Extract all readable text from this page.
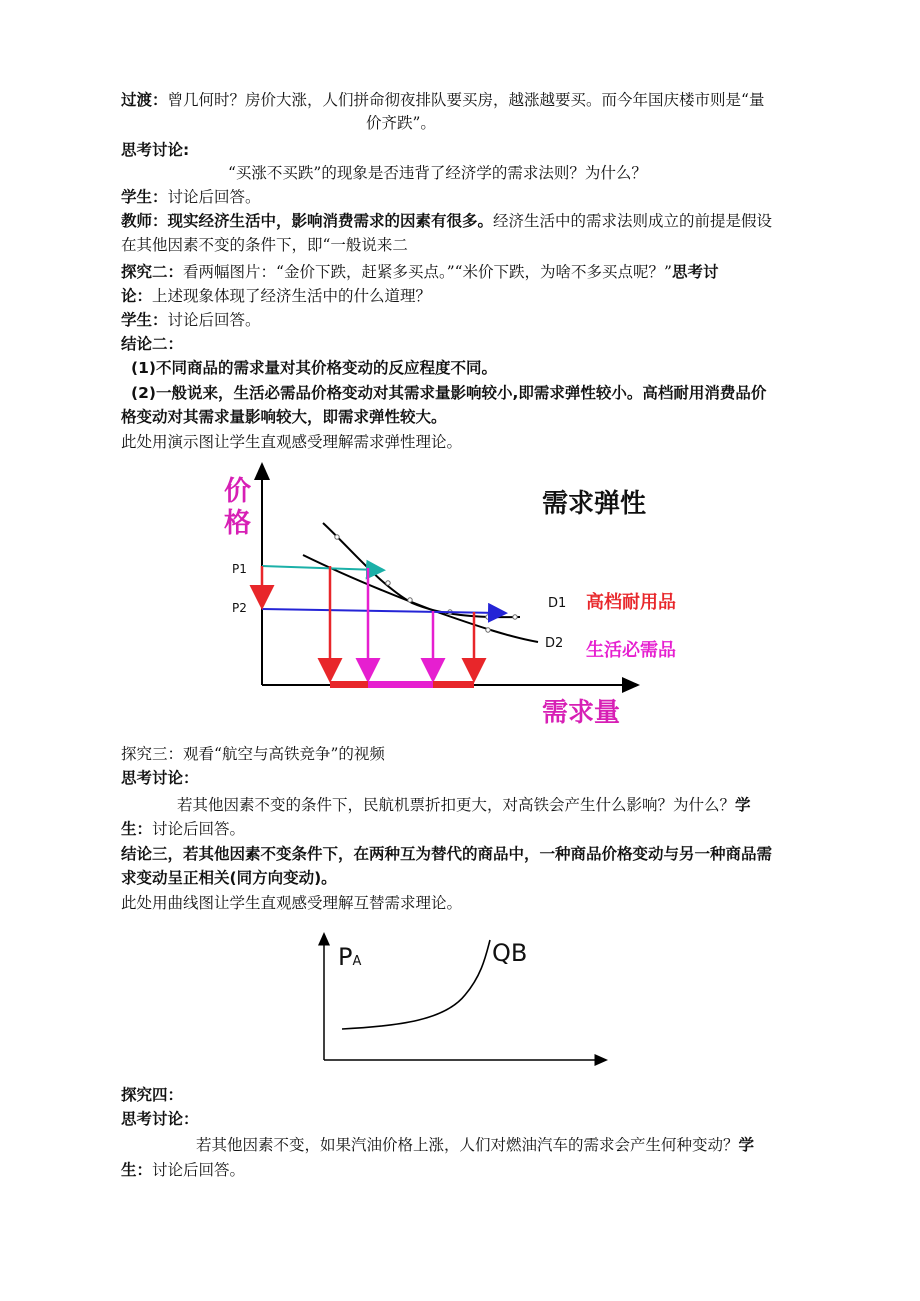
过渡：曾几何时？房价大涨，人们拼命彻夜排队要买房，越涨越要买。而今年国庆楼市则是“量
价齐跌”。
思考讨论:
“买涨不买跌”的现象是否违背了经济学的需求法则？为什么？
学生：讨论后回答。
教师：现实经济生活中，影响消费需求的因素有很多。经济生活中的需求法则成立的前提是假设
在其他因素不变的条件下，即“一般说来二
探究二：看两幅图片：“金价下跌，赶紧多买点。”“米价下跌，为啥不多买点呢？”思考讨
论：上述现象体现了经济生活中的什么道理？
学生：讨论后回答。
结论二：
(1)不同商品的需求量对其价格变动的反应程度不同。
(2)一般说来，生活必需品价格变动对其需求量影响较小,即需求弹性较小。高档耐用消费品价
格变动对其需求量影响较大，即需求弹性较大。
此处用演示图让学生直观感受理解需求弹性理论。
价
格
需求弹性
P1
P2	D1
D2
高档耐用品
生活必需品
需求量
探究三：观看“航空与高铁竞争”的视频
思考讨论：
若其他因素不变的条件下，民航机票折扣更大，对高铁会产生什么影响？为什么？学
生：讨论后回答。
结论三，若其他因素不变条件下，在两种互为替代的商品中，一种商品价格变动与另一种商品需
求变动呈正相关(同方向变动)。
此处用曲线图让学生直观感受理解互替需求理论。
PA	QB
探究四：
思考讨论：
若其他因素不变，如果汽油价格上涨，人们对燃油汽车的需求会产生何种变动？学
生：讨论后回答。
